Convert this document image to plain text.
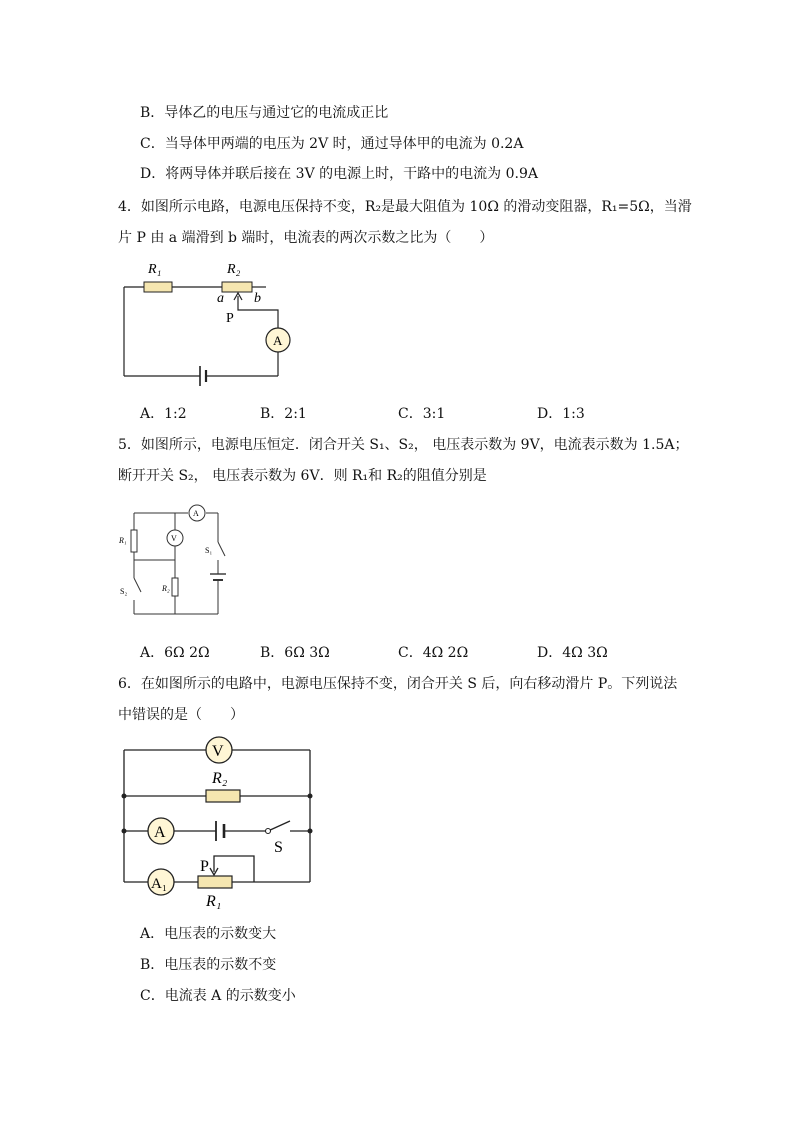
B．导体乙的电压与通过它的电流成正比
C．当导体甲两端的电压为 2V 时，通过导体甲的电流为 0.2A
D．将两导体并联后接在 3V 的电源上时，干路中的电流为 0.9A
4．如图所示电路，电源电压保持不变，R₂是最大阻值为 10Ω 的滑动变阻器，R₁=5Ω，当滑
片 P 由 a 端滑到 b 端时，电流表的两次示数之比为（　　）
R₁	R₂
a b
P
A
A．1:2	B．2:1	C．3:1	D．1:3
5．如图所示，电源电压恒定．闭合开关 S₁、S₂， 电压表示数为 9V，电流表示数为 1.5A；
断开开关 S₂， 电压表示数为 6V．则 R₁和 R₂的阻值分别是
R₁
R₂
S₁
S₂
V
A
A．6Ω 2Ω	B．6Ω 3Ω	C．4Ω 2Ω	D．4Ω 3Ω
6．在如图所示的电路中，电源电压保持不变，闭合开关 S 后，向右移动滑片 P。下列说法
中错误的是（　　）
V
R₂
A
S
A₁
P
R₁
A．电压表的示数变大
B．电压表的示数不变
C．电流表 A 的示数变小
